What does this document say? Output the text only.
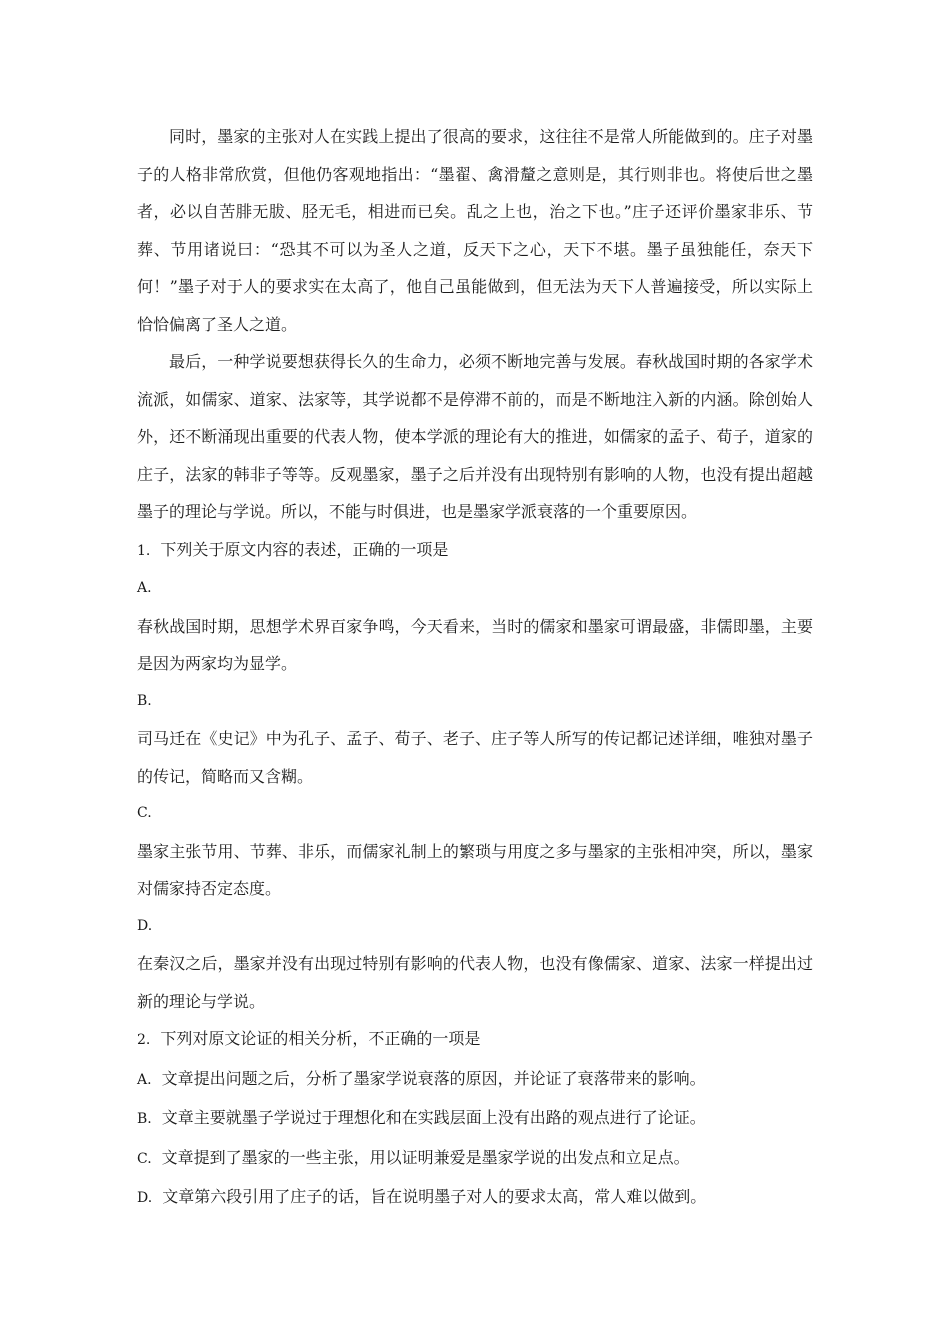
同时，墨家的主张对人在实践上提出了很高的要求，这往往不是常人所能做到的。庄子对墨子的人格非常欣赏，但他仍客观地指出：“墨翟、禽滑釐之意则是，其行则非也。将使后世之墨者，必以自苦腓无胈、胫无毛，相进而已矣。乱之上也，治之下也。”庄子还评价墨家非乐、节葬、节用诸说曰：“恐其不可以为圣人之道，反天下之心，天下不堪。墨子虽独能任，奈天下何！”墨子对于人的要求实在太高了，他自己虽能做到，但无法为天下人普遍接受，所以实际上恰恰偏离了圣人之道。

最后，一种学说要想获得长久的生命力，必须不断地完善与发展。春秋战国时期的各家学术流派，如儒家、道家、法家等，其学说都不是停滞不前的，而是不断地注入新的内涵。除创始人外，还不断涌现出重要的代表人物，使本学派的理论有大的推进，如儒家的孟子、荀子，道家的庄子，法家的韩非子等等。反观墨家，墨子之后并没有出现特别有影响的人物，也没有提出超越墨子的理论与学说。所以，不能与时俱进，也是墨家学派衰落的一个重要原因。

1. 下列关于原文内容的表述，正确的一项是

A.

春秋战国时期，思想学术界百家争鸣，今天看来，当时的儒家和墨家可谓最盛，非儒即墨，主要是因为两家均为显学。

B.

司马迁在《史记》中为孔子、孟子、荀子、老子、庄子等人所写的传记都记述详细，唯独对墨子的传记，简略而又含糊。

C.

墨家主张节用、节葬、非乐，而儒家礼制上的繁琐与用度之多与墨家的主张相冲突，所以，墨家对儒家持否定态度。

D.

在秦汉之后，墨家并没有出现过特别有影响的代表人物，也没有像儒家、道家、法家一样提出过新的理论与学说。

2. 下列对原文论证的相关分析，不正确的一项是

A. 文章提出问题之后，分析了墨家学说衰落的原因，并论证了衰落带来的影响。

B. 文章主要就墨子学说过于理想化和在实践层面上没有出路的观点进行了论证。

C. 文章提到了墨家的一些主张，用以证明兼爱是墨家学说的出发点和立足点。

D. 文章第六段引用了庄子的话，旨在说明墨子对人的要求太高，常人难以做到。
